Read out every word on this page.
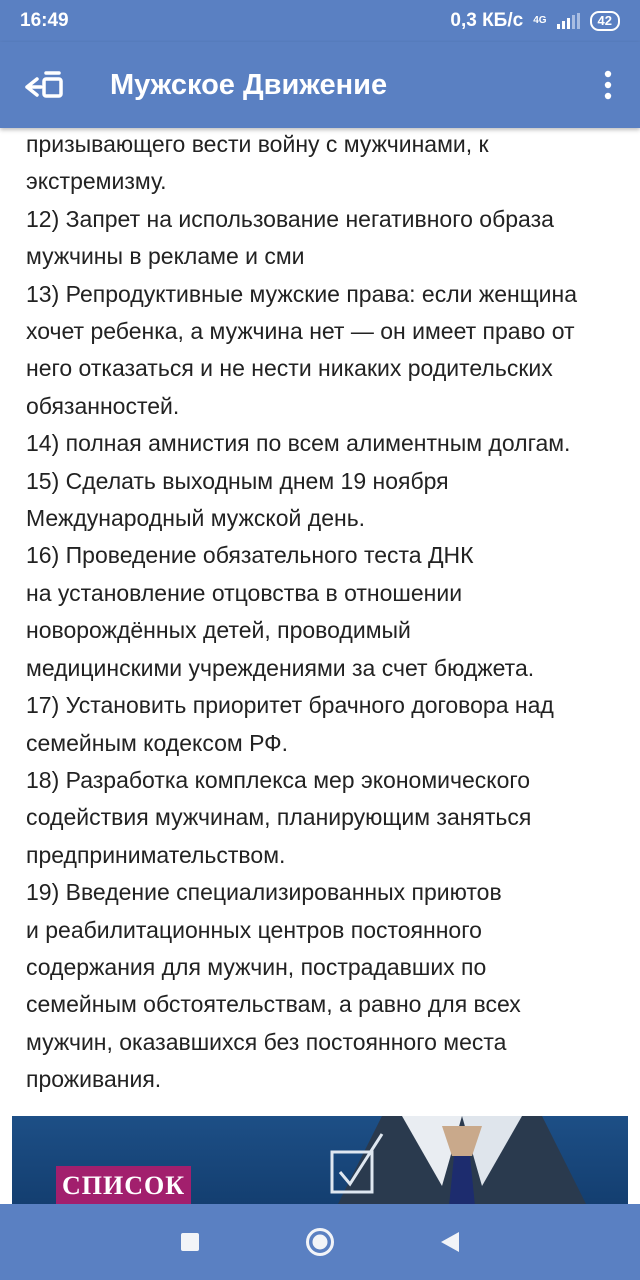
16:49	0,3 КБ/с 4G	42
Мужское Движение

призывающего вести войну с мужчинами, к

экстремизму.

12) Запрет на использование негативного образа

мужчины в рекламе и сми

13) Репродуктивные мужские права: если женщина

хочет ребенка, а мужчина нет — он имеет право от

него отказаться и не нести никаких родительских

обязанностей.

14) полная амнистия по всем алиментным долгам.

15) Сделать выходным днем 19 ноября

Международный мужской день.

16) Проведение обязательного теста ДНК

на установление отцовства в отношении

новорождённых детей, проводимый

медицинскими учреждениями за счет бюджета.

17) Установить приоритет брачного договора над

семейным кодексом РФ.

18) Разработка комплекса мер экономического

содействия мужчинам, планирующим заняться

предпринимательством.

19) Введение специализированных приютов

и реабилитационных центров постоянного

содержания для мужчин, пострадавших по

семейным обстоятельствам, а равно для всех

мужчин, оказавшихся без постоянного места

проживания.

СПИСОК
